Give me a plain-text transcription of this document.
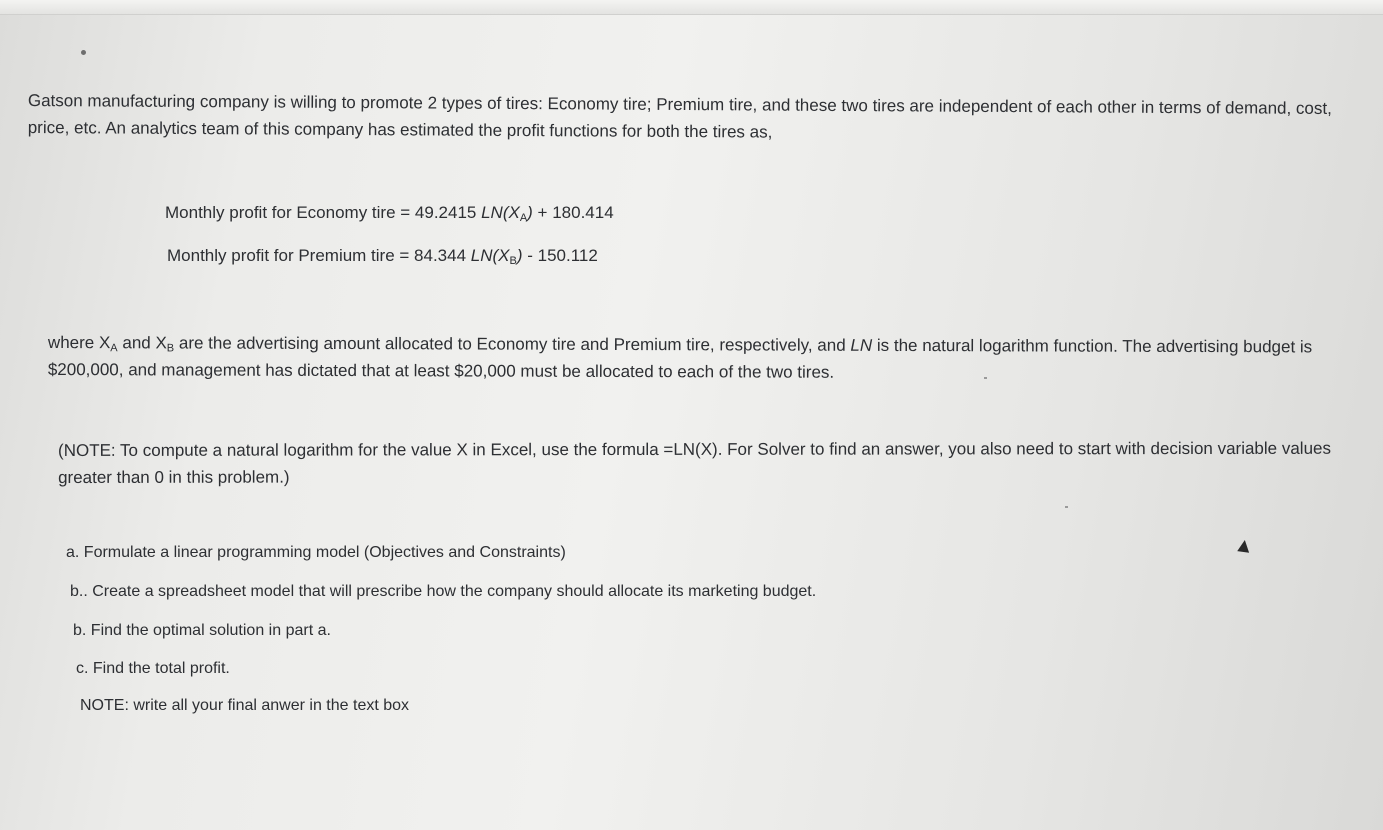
Gatson manufacturing company is willing to promote 2 types of tires: Economy tire; Premium tire, and these two tires are independent of each other in terms of demand, cost, price, etc. An analytics team of this company has estimated the profit functions for both the tires as,
Monthly profit for Economy tire = 49.2415 $LN(X_A) + 180.414$
Monthly profit for Premium tire = 84.344 $LN(X_B) - 150.112$
where $X_A$ and $X_B$ are the advertising amount allocated to Economy tire and Premium tire, respectively, and LN is the natural logarithm function. The advertising budget is $200,000, and management has dictated that at least $20,000 must be allocated to each of the two tires.
(NOTE: To compute a natural logarithm for the value X in Excel, use the formula =LN(X). For Solver to find an answer, you also need to start with decision variable values greater than 0 in this problem.)
a. Formulate a linear programming model (Objectives and Constraints)
b.. Create a spreadsheet model that will prescribe how the company should allocate its marketing budget.
b. Find the optimal solution in part a.
c. Find the total profit.
NOTE: write all your final anwer in the text box
